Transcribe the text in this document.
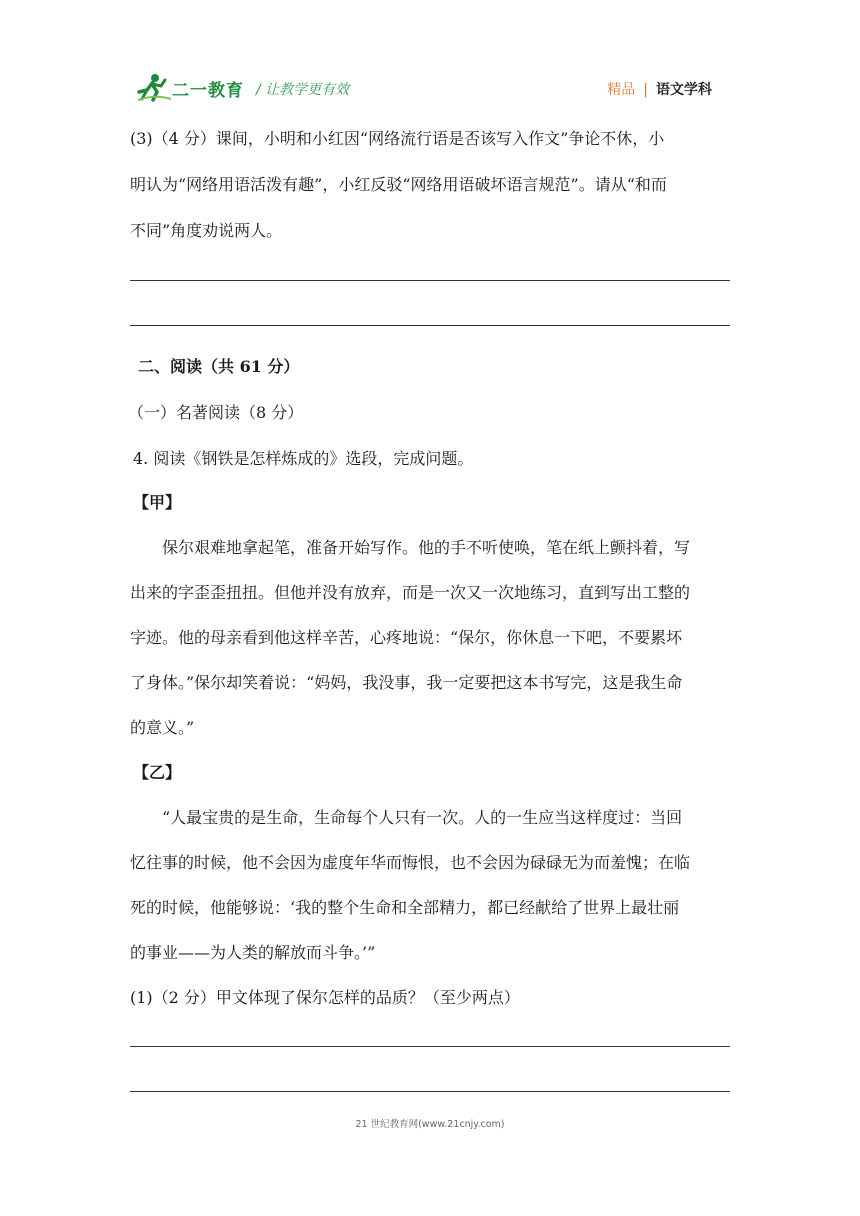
二一教育 / 让教学更有效	精品 | 语文学科
(3)（4 分）课间，小明和小红因“网络流行语是否该写入作文”争论不休，小
明认为“网络用语活泼有趣”，小红反驳“网络用语破坏语言规范”。请从“和而
不同”角度劝说两人。
二、阅读（共 61 分）
（一）名著阅读（8 分）
4. 阅读《钢铁是怎样炼成的》选段，完成问题。
【甲】
保尔艰难地拿起笔，准备开始写作。他的手不听使唤，笔在纸上颤抖着，写
出来的字歪歪扭扭。但他并没有放弃，而是一次又一次地练习，直到写出工整的
字迹。他的母亲看到他这样辛苦，心疼地说：“保尔，你休息一下吧，不要累坏
了身体。”保尔却笑着说：“妈妈，我没事，我一定要把这本书写完，这是我生命
的意义。”
【乙】
“人最宝贵的是生命，生命每个人只有一次。人的一生应当这样度过：当回
忆往事的时候，他不会因为虚度年华而悔恨，也不会因为碌碌无为而羞愧；在临
死的时候，他能够说：‘我的整个生命和全部精力，都已经献给了世界上最壮丽
的事业——为人类的解放而斗争。’”
(1)（2 分）甲文体现了保尔怎样的品质？（至少两点）
21 世纪教育网(www.21cnjy.com)
